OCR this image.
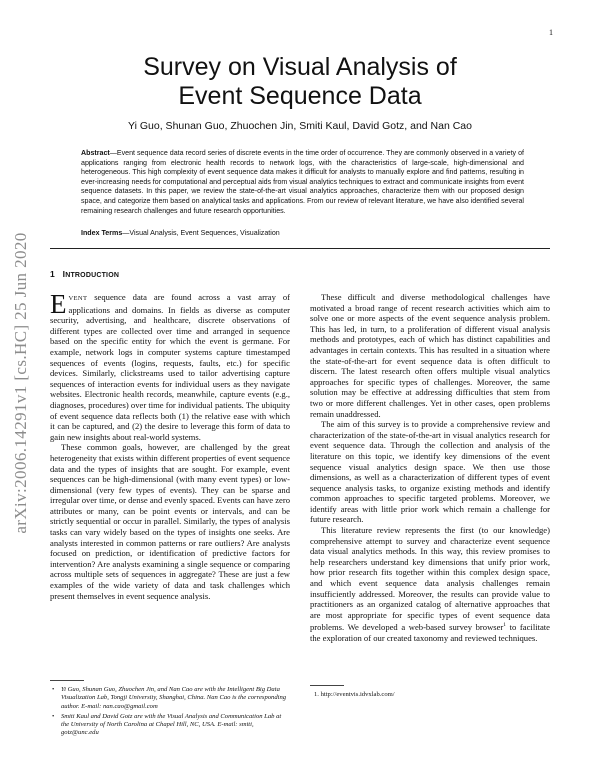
1
arXiv:2006.14291v1 [cs.HC] 25 Jun 2020
Survey on Visual Analysis of
Event Sequence Data
Yi Guo, Shunan Guo, Zhuochen Jin, Smiti Kaul, David Gotz, and Nan Cao
Abstract—Event sequence data record series of discrete events in the time order of occurrence. They are commonly observed in a variety of applications ranging from electronic health records to network logs, with the characteristics of large-scale, high-dimensional and heterogeneous. This high complexity of event sequence data makes it difficult for analysts to manually explore and find patterns, resulting in ever-increasing needs for computational and perceptual aids from visual analytics techniques to extract and communicate insights from event sequence datasets. In this paper, we review the state-of-the-art visual analytics approaches, characterize them with our proposed design space, and categorize them based on analytical tasks and applications. From our review of relevant literature, we have also identified several remaining research challenges and future research opportunities.
Index Terms—Visual Analysis, Event Sequences, Visualization
1 INTRODUCTION

EVENT sequence data are found across a vast array of applications and domains. In fields as diverse as computer security, advertising, and healthcare, discrete observations of different types are collected over time and arranged in sequence based on the specific entity for which the event is germane. For example, network logs in computer systems capture timestamped sequences of events (logins, requests, faults, etc.) for specific devices. Similarly, clickstreams used to tailor advertising capture sequences of interaction events for individual users as they navigate websites. Electronic health records, meanwhile, capture events (e.g., diagnoses, procedures) over time for individual patients. The ubiquity of event sequence data reflects both (1) the relative ease with which it can be captured, and (2) the desire to leverage this form of data to gain new insights about real-world systems.

These common goals, however, are challenged by the great heterogeneity that exists within different properties of event sequence data and the types of insights that are sought. For example, event sequences can be high-dimensional (with many event types) or low-dimensional (very few types of events). They can be sparse and irregular over time, or dense and evenly spaced. Events can have zero attributes or many, can be point events or intervals, and can be strictly sequential or occur in parallel. Similarly, the types of analysis tasks can vary widely based on the types of insights one seeks. Are analysts interested in common patterns or rare outliers? Are analysts focused on prediction, or identification of predictive factors for intervention? Are analysts examining a single sequence or comparing across multiple sets of sequences in aggregate? These are just a few examples of the wide variety of data and task challenges which present themselves in event sequence analysis.

These difficult and diverse methodological challenges have motivated a broad range of recent research activities which aim to solve one or more aspects of the event sequence analysis problem. This has led, in turn, to a proliferation of different visual analysis methods and prototypes, each of which has distinct capabilities and advantages in certain contexts. This has resulted in a situation where the state-of-the-art for event sequence data is often difficult to discern. The latest research often offers multiple visual analytics approaches for specific types of challenges. Moreover, the same solution may be effective at addressing difficulties that stem from two or more different challenges. Yet in other cases, open problems remain unaddressed.

The aim of this survey is to provide a comprehensive review and characterization of the state-of-the-art in visual analytics research for event sequence data. Through the collection and analysis of the literature on this topic, we identify key dimensions of the event sequence visual analytics design space. We then use those dimensions, as well as a characterization of different types of event sequence analysis tasks, to organize existing methods and identify common approaches to specific targeted problems. Moreover, we identify areas with little prior work which remain a challenge for future research.

This literature review represents the first (to our knowledge) comprehensive attempt to survey and characterize event sequence data visual analytics methods. In this way, this review promises to help researchers understand key dimensions that unify prior work, how prior research fits together within this complex design space, and which event sequence data analysis challenges remain insufficiently addressed. Moreover, the results can provide value to practitioners as an organized catalog of alternative approaches that are most appropriate for specific types of event sequence data problems. We developed a web-based survey browser$^1$ to facilitate the exploration of our created taxonomy and reviewed techniques.

• Yi Guo, Shunan Guo, Zhuochen Jin, and Nan Cao are with the Intelligent Big Data Visualization Lab, Tongji University, Shanghai, China. Nan Cao is the corresponding author. E-mail: nan.cao@gmail.com
• Smiti Kaul and David Gotz are with the Visual Analysis and Communication Lab at the University of North Carolina at Chapel Hill, NC, USA. E-mail: smiti, gotz@unc.edu
1. http://eventvis.idvxlab.com/
